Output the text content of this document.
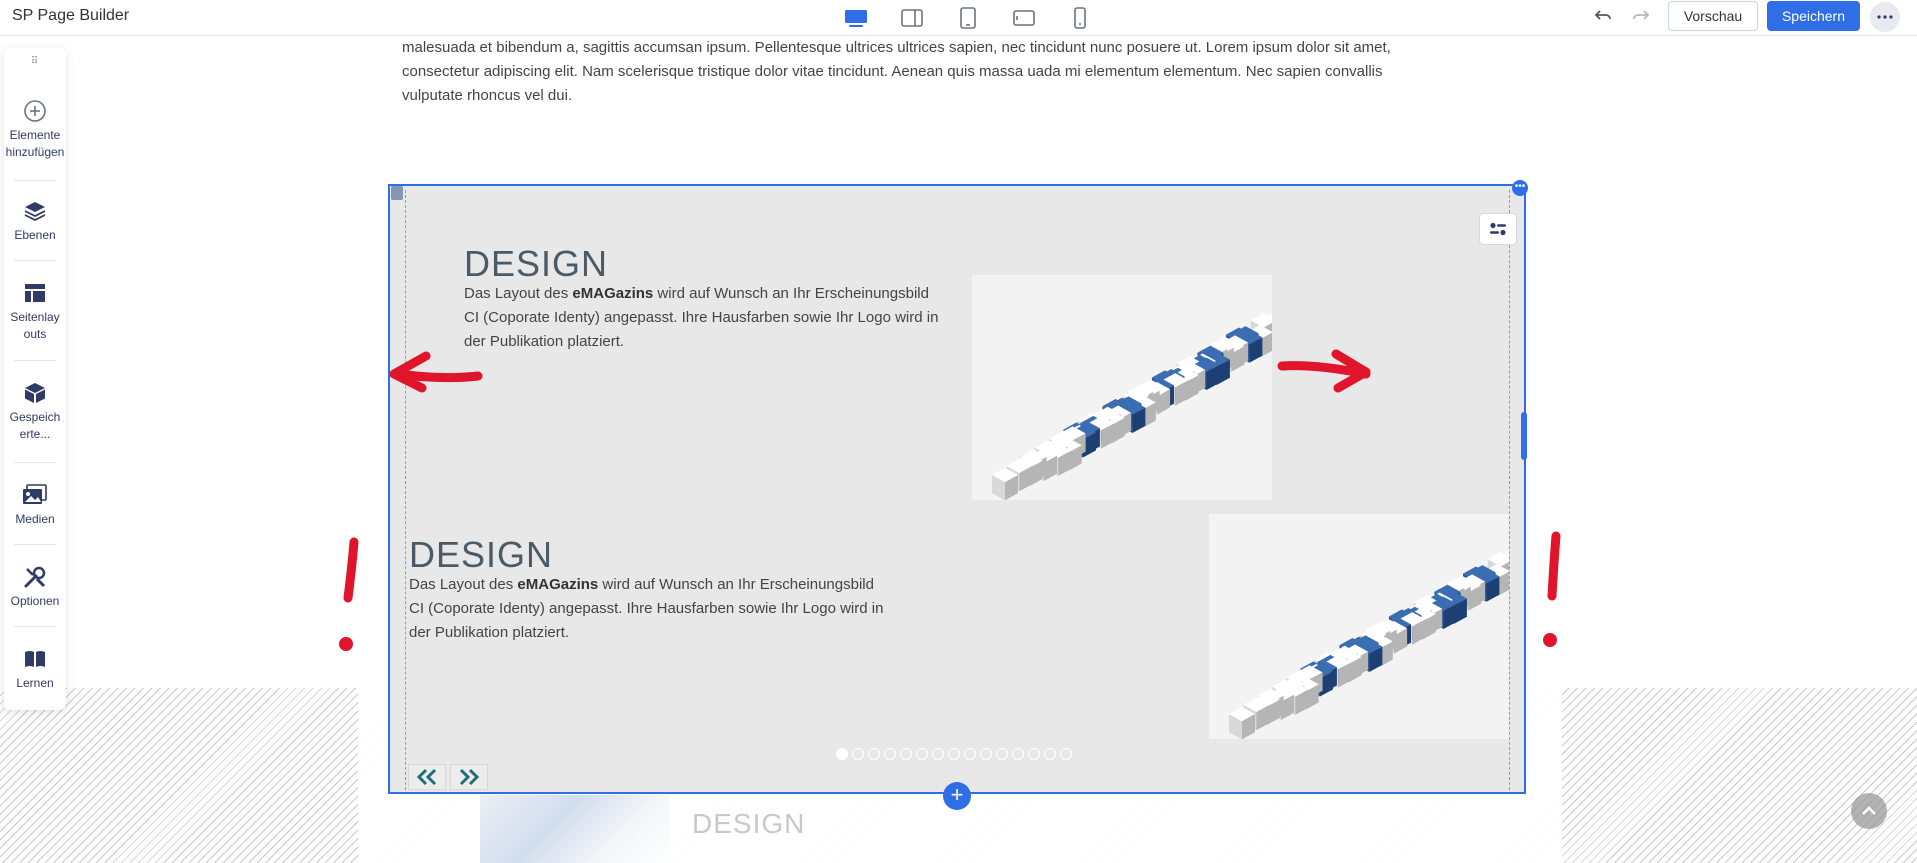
SP Page Builder	Vorschau	Speichern
⠿
Elemente hinzufügen
Ebenen
Seitenlayouts
Gespeicherte...
Medien
Optionen
Lernen
malesuada et bibendum a, sagittis accumsan ipsum. Pellentesque ultrices ultrices sapien, nec tincidunt nunc posuere ut. Lorem ipsum dolor sit amet,
consectetur adipiscing elit. Nam scelerisque tristique dolor vitae tincidunt. Aenean quis massa uada mi elementum elementum. Nec sapien convallis
vulputate rhoncus vel dui.
DESIGN
•••
DESIGN
Das Layout des eMAGazins wird auf Wunsch an Ihr Erscheinungsbild CI (Coporate Identy) angepasst. Ihre Hausfarben sowie Ihr Logo wird in der Publikation platziert.
DESIGN
Das Layout des eMAGazins wird auf Wunsch an Ihr Erscheinungsbild CI (Coporate Identy) angepasst. Ihre Hausfarben sowie Ihr Logo wird in der Publikation platziert.
+
